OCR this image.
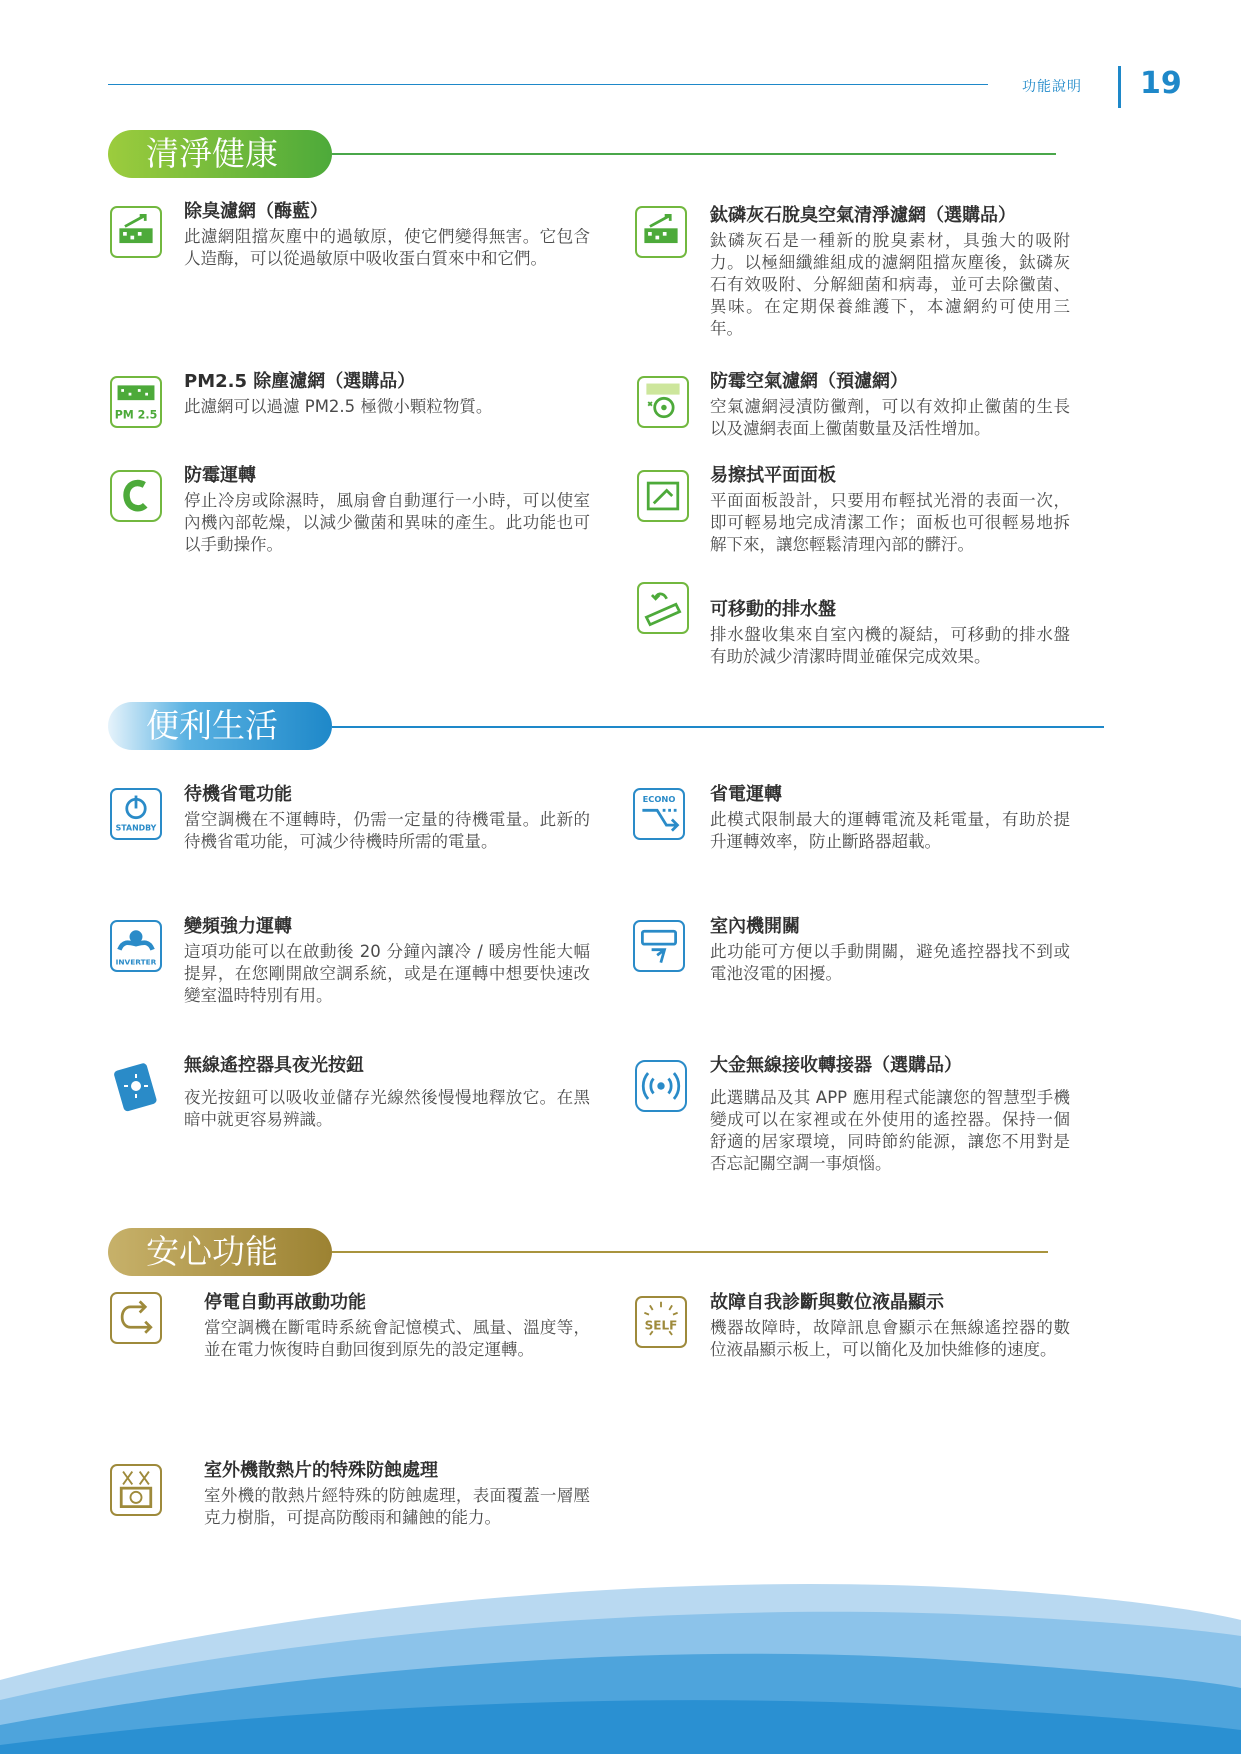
功能說明 19
清淨健康
除臭濾網（酶藍）
此濾網阻擋灰塵中的過敏原，使它們變得無害。它包含人造酶，可以從過敏原中吸收蛋白質來中和它們。
鈦磷灰石脫臭空氣清淨濾網（選購品）
鈦磷灰石是一種新的脫臭素材，具強大的吸附力。以極細纖維組成的濾網阻擋灰塵後，鈦磷灰石有效吸附、分解細菌和病毒，並可去除黴菌、異味。在定期保養維護下，本濾網約可使用三年。
PM 2.5
PM2.5 除塵濾網（選購品）
此濾網可以過濾 PM2.5 極微小顆粒物質。
防霉空氣濾網（預濾網）
空氣濾網浸漬防黴劑，可以有效抑止黴菌的生長以及濾網表面上黴菌數量及活性增加。
防霉運轉
停止冷房或除濕時，風扇會自動運行一小時，可以使室內機內部乾燥，以減少黴菌和異味的產生。此功能也可以手動操作。
易擦拭平面面板
平面面板設計，只要用布輕拭光滑的表面一次，即可輕易地完成清潔工作；面板也可很輕易地拆解下來，讓您輕鬆清理內部的髒汙。
可移動的排水盤
排水盤收集來自室內機的凝結，可移動的排水盤有助於減少清潔時間並確保完成效果。
便利生活
STANDBY
待機省電功能
當空調機在不運轉時，仍需一定量的待機電量。此新的待機省電功能，可減少待機時所需的電量。
ECONO 省電運轉
此模式限制最大的運轉電流及耗電量，有助於提升運轉效率，防止斷路器超載。
INVERTER
變頻強力運轉
這項功能可以在啟動後 20 分鐘內讓冷 / 暖房性能大幅提昇，在您剛開啟空調系統，或是在運轉中想要快速改變室溫時特別有用。
室內機開關
此功能可方便以手動開關，避免遙控器找不到或電池沒電的困擾。
無線遙控器具夜光按鈕
夜光按鈕可以吸收並儲存光線然後慢慢地釋放它。在黑暗中就更容易辨識。
大金無線接收轉接器（選購品）
此選購品及其 APP 應用程式能讓您的智慧型手機變成可以在家裡或在外使用的遙控器。保持一個舒適的居家環境，同時節約能源，讓您不用對是否忘記關空調一事煩惱。
安心功能
停電自動再啟動功能
當空調機在斷電時系統會記憶模式、風量、溫度等，並在電力恢復時自動回復到原先的設定運轉。
SELF
故障自我診斷與數位液晶顯示
機器故障時，故障訊息會顯示在無線遙控器的數位液晶顯示板上，可以簡化及加快維修的速度。
室外機散熱片的特殊防蝕處理
室外機的散熱片經特殊的防蝕處理，表面覆蓋一層壓克力樹脂，可提高防酸雨和鏽蝕的能力。
